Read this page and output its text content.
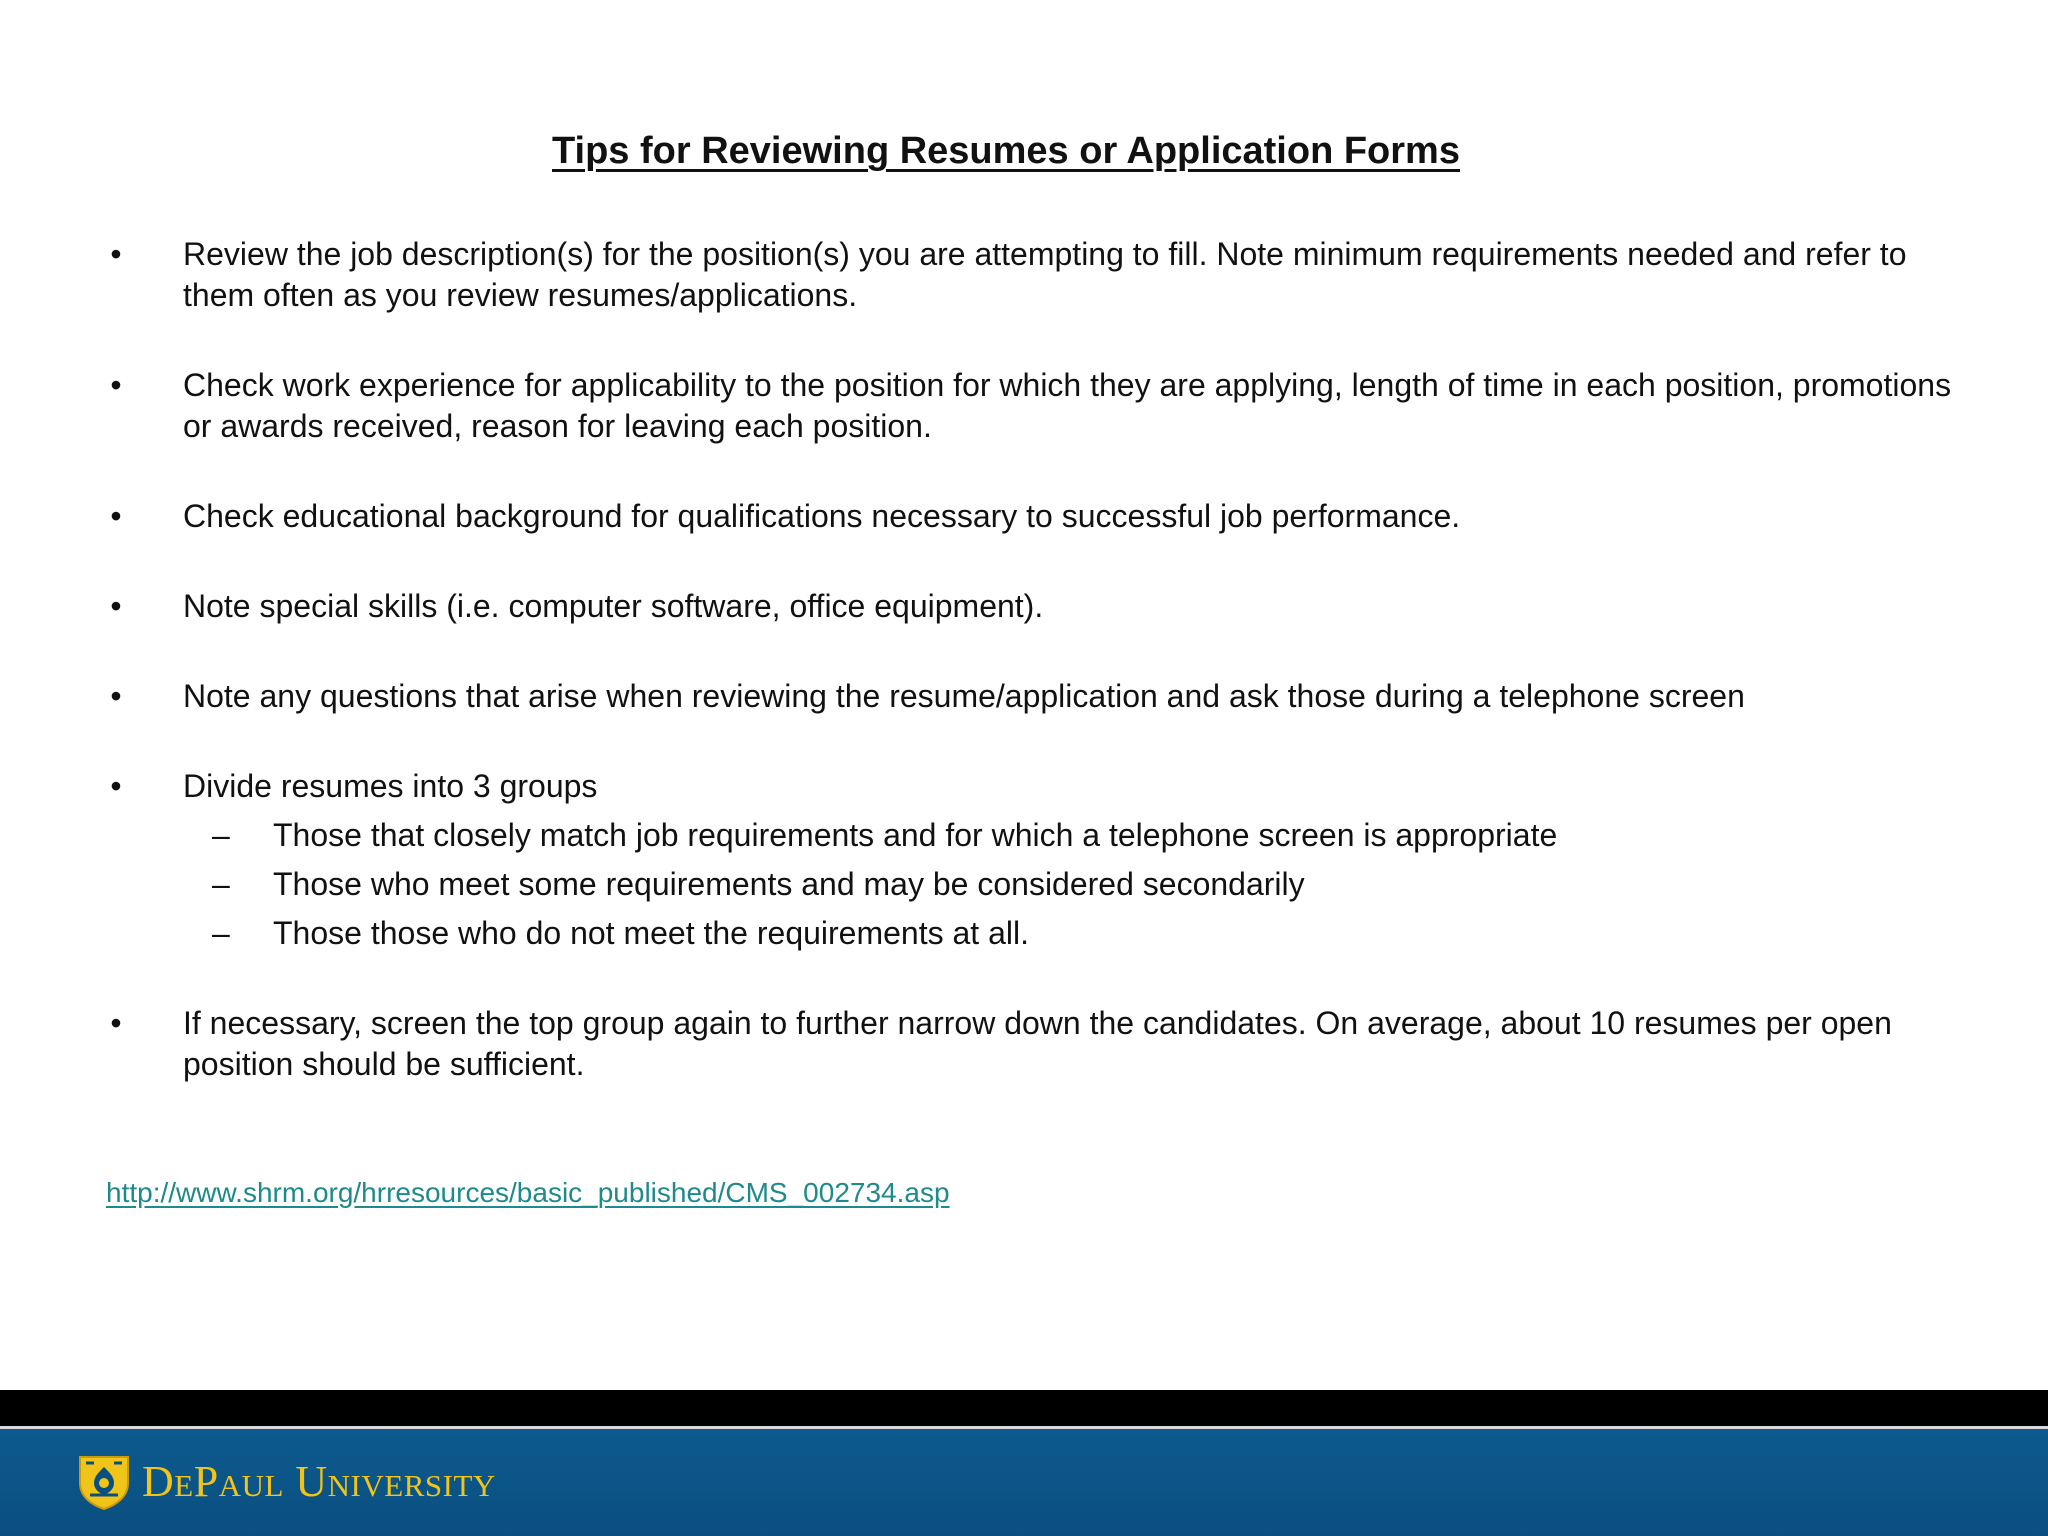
Tips for Reviewing Resumes or Application Forms
• Review the job description(s) for the position(s) you are attempting to fill. Note minimum requirements needed and refer to them often as you review resumes/applications.
• Check work experience for applicability to the position for which they are applying, length of time in each position, promotions or awards received, reason for leaving each position.
• Check educational background for qualifications necessary to successful job performance.
• Note special skills (i.e. computer software, office equipment).
• Note any questions that arise when reviewing the resume/application and ask those during a telephone screen
• Divide resumes into 3 groups
– Those that closely match job requirements and for which a telephone screen is appropriate
– Those who meet some requirements and may be considered secondarily
– Those those who do not meet the requirements at all.
• If necessary, screen the top group again to further narrow down the candidates. On average, about 10 resumes per open position should be sufficient.
http://www.shrm.org/hrresources/basic_published/CMS_002734.asp
DePaul University
